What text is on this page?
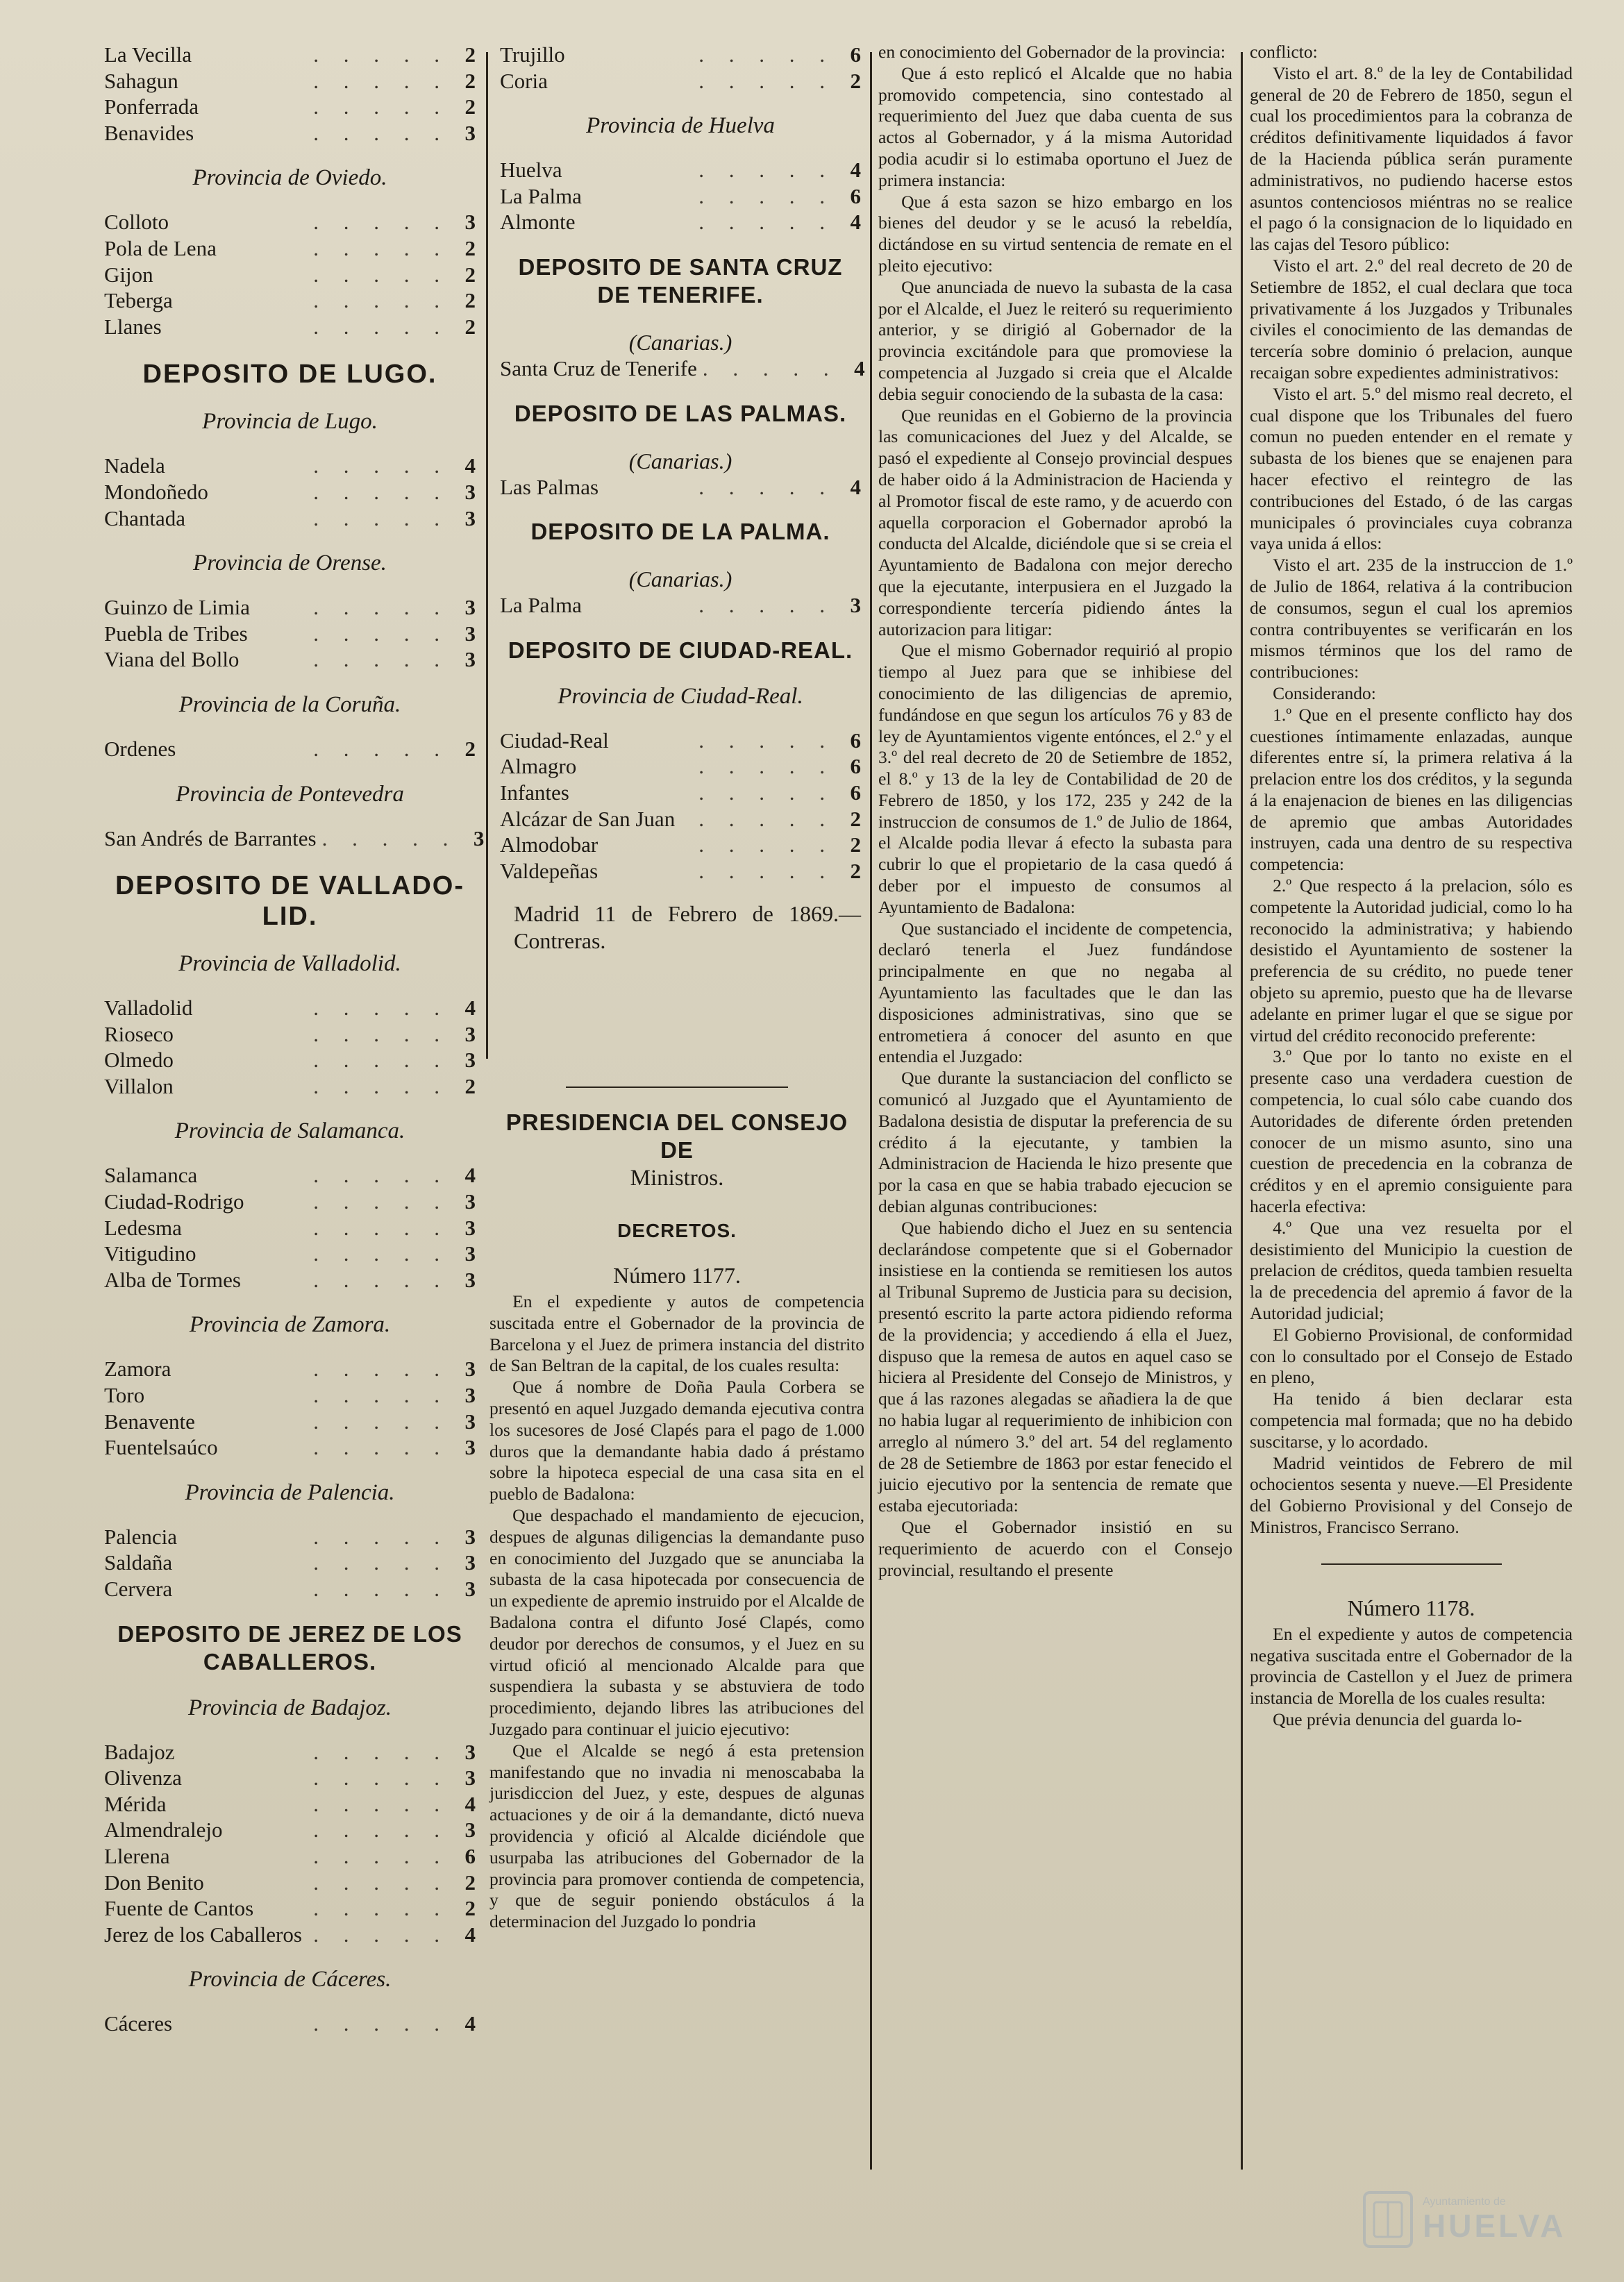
La Vecilla	. . . . . 2
Sahagun	. . . . . 2
Ponferrada	. . . . . 2
Benavides	. . . . . 3
Provincia de Oviedo.
Colloto	. . . . . 3
Pola de Lena	. . . . . 2
Gijon	. . . . . 2
Teberga	. . . . . 2
Llanes	. . . . . 2
DEPOSITO DE LUGO.
Provincia de Lugo.
Nadela	. . . . . 4
Mondoñedo	. . . . . 3
Chantada	. . . . . 3
Provincia de Orense.
Guinzo de Limia	. . . . . 3
Puebla de Tribes	. . . . . 3
Viana del Bollo	. . . . . 3
Provincia de la Coruña.
Ordenes	. . . . . 2
Provincia de Pontevedra
San Andrés de Barrantes . . . . . 3
DEPOSITO DE VALLADO-LID.
Provincia de Valladolid.
Valladolid	. . . . . 4
Rioseco	. . . . . 3
Olmedo	. . . . . 3
Villalon	. . . . . 2
Provincia de Salamanca.
Salamanca	. . . . . 4
Ciudad-Rodrigo	. . . . . 3
Ledesma	. . . . . 3
Vitigudino	. . . . . 3
Alba de Tormes	. . . . . 3
Provincia de Zamora.
Zamora	. . . . . 3
Toro	. . . . . 3
Benavente	. . . . . 3
Fuentelsaúco	. . . . . 3
Provincia de Palencia.
Palencia	. . . . . 3
Saldaña	. . . . . 3
Cervera	. . . . . 3
DEPOSITO DE JEREZ DE LOS CABALLEROS.
Provincia de Badajoz.
Badajoz	. . . . . 3
Olivenza	. . . . . 3
Mérida	. . . . . 4
Almendralejo	. . . . . 3
Llerena	. . . . . 6
Don Benito	. . . . . 2
Fuente de Cantos	. . . . . 2
Jerez de los Caballeros . . . . . 4
Provincia de Cáceres.
Cáceres	. . . . . 4
Trujillo	. . . . . 6
Coria	. . . . . 2
Provincia de Huelva
Huelva	. . . . . 4
La Palma	. . . . . 6
Almonte	. . . . . 4
DEPOSITO DE SANTA CRUZ DE TENERIFE.
(Canarias.)
Santa Cruz de Tenerife . . . . . 4
DEPOSITO DE LAS PALMAS.
(Canarias.)
Las Palmas	. . . . . 4
DEPOSITO DE LA PALMA.
(Canarias.)
La Palma	. . . . . 3
DEPOSITO DE CIUDAD-REAL.
Provincia de Ciudad-Real.
Ciudad-Real	. . . . . 6
Almagro	. . . . . 6
Infantes	. . . . . 6
Alcázar de San Juan	. . . . . 2
Almodobar	. . . . . 2
Valdepeñas	. . . . . 2
Madrid 11 de Febrero de 1869.—Contreras.
PRESIDENCIA DEL CONSEJO DE
Ministros.
DECRETOS.
Número 1177.

En el expediente y autos de competencia suscitada entre el Gobernador de la provincia de Barcelona y el Juez de primera instancia del distrito de San Beltran de la capital, de los cuales resulta:

Que á nombre de Doña Paula Corbera se presentó en aquel Juzgado demanda ejecutiva contra los sucesores de José Clapés para el pago de 1.000 duros que la demandante habia dado á préstamo sobre la hipoteca especial de una casa sita en el pueblo de Badalona:

Que despachado el mandamiento de ejecucion, despues de algunas diligencias la demandante puso en conocimiento del Juzgado que se anunciaba la subasta de la casa hipotecada por consecuencia de un expediente de apremio instruido por el Alcalde de Badalona contra el difunto José Clapés, como deudor por derechos de consumos, y el Juez en su virtud ofició al mencionado Alcalde para que suspendiera la subasta y se abstuviera de todo procedimiento, dejando libres las atribuciones del Juzgado para continuar el juicio ejecutivo:

Que el Alcalde se negó á esta pretension manifestando que no invadia ni menoscababa la jurisdiccion del Juez, y este, despues de algunas actuaciones y de oir á la demandante, dictó nueva providencia y ofició al Alcalde diciéndole que usurpaba las atribuciones del Gobernador de la provincia para promover contienda de competencia, y que de seguir poniendo obstáculos á la determinacion del Juzgado lo pondria

en conocimiento del Gobernador de la provincia:

Que á esto replicó el Alcalde que no habia promovido competencia, sino contestado al requerimiento del Juez que daba cuenta de sus actos al Gobernador, y á la misma Autoridad podia acudir si lo estimaba oportuno el Juez de primera instancia:

Que á esta sazon se hizo embargo en los bienes del deudor y se le acusó la rebeldía, dictándose en su virtud sentencia de remate en el pleito ejecutivo:

Que anunciada de nuevo la subasta de la casa por el Alcalde, el Juez le reiteró su requerimiento anterior, y se dirigió al Gobernador de la provincia excitándole para que promoviese la competencia al Juzgado si creia que el Alcalde debia seguir conociendo de la subasta de la casa:

Que reunidas en el Gobierno de la provincia las comunicaciones del Juez y del Alcalde, se pasó el expediente al Consejo provincial despues de haber oido á la Administracion de Hacienda y al Promotor fiscal de este ramo, y de acuerdo con aquella corporacion el Gobernador aprobó la conducta del Alcalde, diciéndole que si se creia el Ayuntamiento de Badalona con mejor derecho que la ejecutante, interpusiera en el Juzgado la correspondiente tercería pidiendo ántes la autorizacion para litigar:

Que el mismo Gobernador requirió al propio tiempo al Juez para que se inhibiese del conocimiento de las diligencias de apremio, fundándose en que segun los artículos 76 y 83 de ley de Ayuntamientos vigente entónces, el 2.º y el 3.º del real decreto de 20 de Setiembre de 1852, el 8.º y 13 de la ley de Contabilidad de 20 de Febrero de 1850, y los 172, 235 y 242 de la instruccion de consumos de 1.º de Julio de 1864, el Alcalde podia llevar á efecto la subasta para cubrir lo que el propietario de la casa quedó á deber por el impuesto de consumos al Ayuntamiento de Badalona:

Que sustanciado el incidente de competencia, declaró tenerla el Juez fundándose principalmente en que no negaba al Ayuntamiento las facultades que le dan las disposiciones administrativas, sino que se entrometiera á conocer del asunto en que entendia el Juzgado:

Que durante la sustanciacion del conflicto se comunicó al Juzgado que el Ayuntamiento de Badalona desistia de disputar la preferencia de su crédito á la ejecutante, y tambien la Administracion de Hacienda le hizo presente que por la casa en que se habia trabado ejecucion se debian algunas contribuciones:

Que habiendo dicho el Juez en su sentencia declarándose competente que si el Gobernador insistiese en la contienda se remitiesen los autos al Tribunal Supremo de Justicia para su decision, presentó escrito la parte actora pidiendo reforma de la providencia; y accediendo á ella el Juez, dispuso que la remesa de autos en aquel caso se hiciera al Presidente del Consejo de Ministros, y que á las razones alegadas se añadiera la de que no habia lugar al requerimiento de inhibicion con arreglo al número 3.º del art. 54 del reglamento de 28 de Setiembre de 1863 por estar fenecido el juicio ejecutivo por la sentencia de remate que estaba ejecutoriada:

Que el Gobernador insistió en su requerimiento de acuerdo con el Consejo provincial, resultando el presente

conflicto:

Visto el art. 8.º de la ley de Contabilidad general de 20 de Febrero de 1850, segun el cual los procedimientos para la cobranza de créditos definitivamente liquidados á favor de la Hacienda pública serán puramente administrativos, no pudiendo hacerse estos asuntos contenciosos miéntras no se realice el pago ó la consignacion de lo liquidado en las cajas del Tesoro público:

Visto el art. 2.º del real decreto de 20 de Setiembre de 1852, el cual declara que toca privativamente á los Juzgados y Tribunales civiles el conocimiento de las demandas de tercería sobre dominio ó prelacion, aunque recaigan sobre expedientes administrativos:

Visto el art. 5.º del mismo real decreto, el cual dispone que los Tribunales del fuero comun no pueden entender en el remate y subasta de los bienes que se enajenen para hacer efectivo el reintegro de las contribuciones del Estado, ó de las cargas municipales ó provinciales cuya cobranza vaya unida á ellos:

Visto el art. 235 de la instruccion de 1.º de Julio de 1864, relativa á la contribucion de consumos, segun el cual los apremios contra contribuyentes se verificarán en los mismos términos que los del ramo de contribuciones:

Considerando:

1.º Que en el presente conflicto hay dos cuestiones íntimamente enlazadas, aunque diferentes entre sí, la primera relativa á la prelacion entre los dos créditos, y la segunda á la enajenacion de bienes en las diligencias de apremio que ambas Autoridades instruyen, cada una dentro de su respectiva competencia:

2.º Que respecto á la prelacion, sólo es competente la Autoridad judicial, como lo ha reconocido la administrativa; y habiendo desistido el Ayuntamiento de sostener la preferencia de su crédito, no puede tener objeto su apremio, puesto que ha de llevarse adelante en primer lugar el que se sigue por virtud del crédito reconocido preferente:

3.º Que por lo tanto no existe en el presente caso una verdadera cuestion de competencia, lo cual sólo cabe cuando dos Autoridades de diferente órden pretenden conocer de un mismo asunto, sino una cuestion de precedencia en la cobranza de créditos y en el apremio consiguiente para hacerla efectiva:

4.º Que una vez resuelta por el desistimiento del Municipio la cuestion de prelacion de créditos, queda tambien resuelta la de precedencia del apremio á favor de la Autoridad judicial;

El Gobierno Provisional, de conformidad con lo consultado por el Consejo de Estado en pleno,

Ha tenido á bien declarar esta competencia mal formada; que no ha debido suscitarse, y lo acordado.

Madrid veintidos de Febrero de mil ochocientos sesenta y nueve.—El Presidente del Gobierno Provisional y del Consejo de Ministros, Francisco Serrano.

Número 1178.

En el expediente y autos de competencia negativa suscitada entre el Gobernador de la provincia de Castellon y el Juez de primera instancia de Morella de los cuales resulta:

Que prévia denuncia del guarda lo-

Ayuntamiento de
HUELVA
